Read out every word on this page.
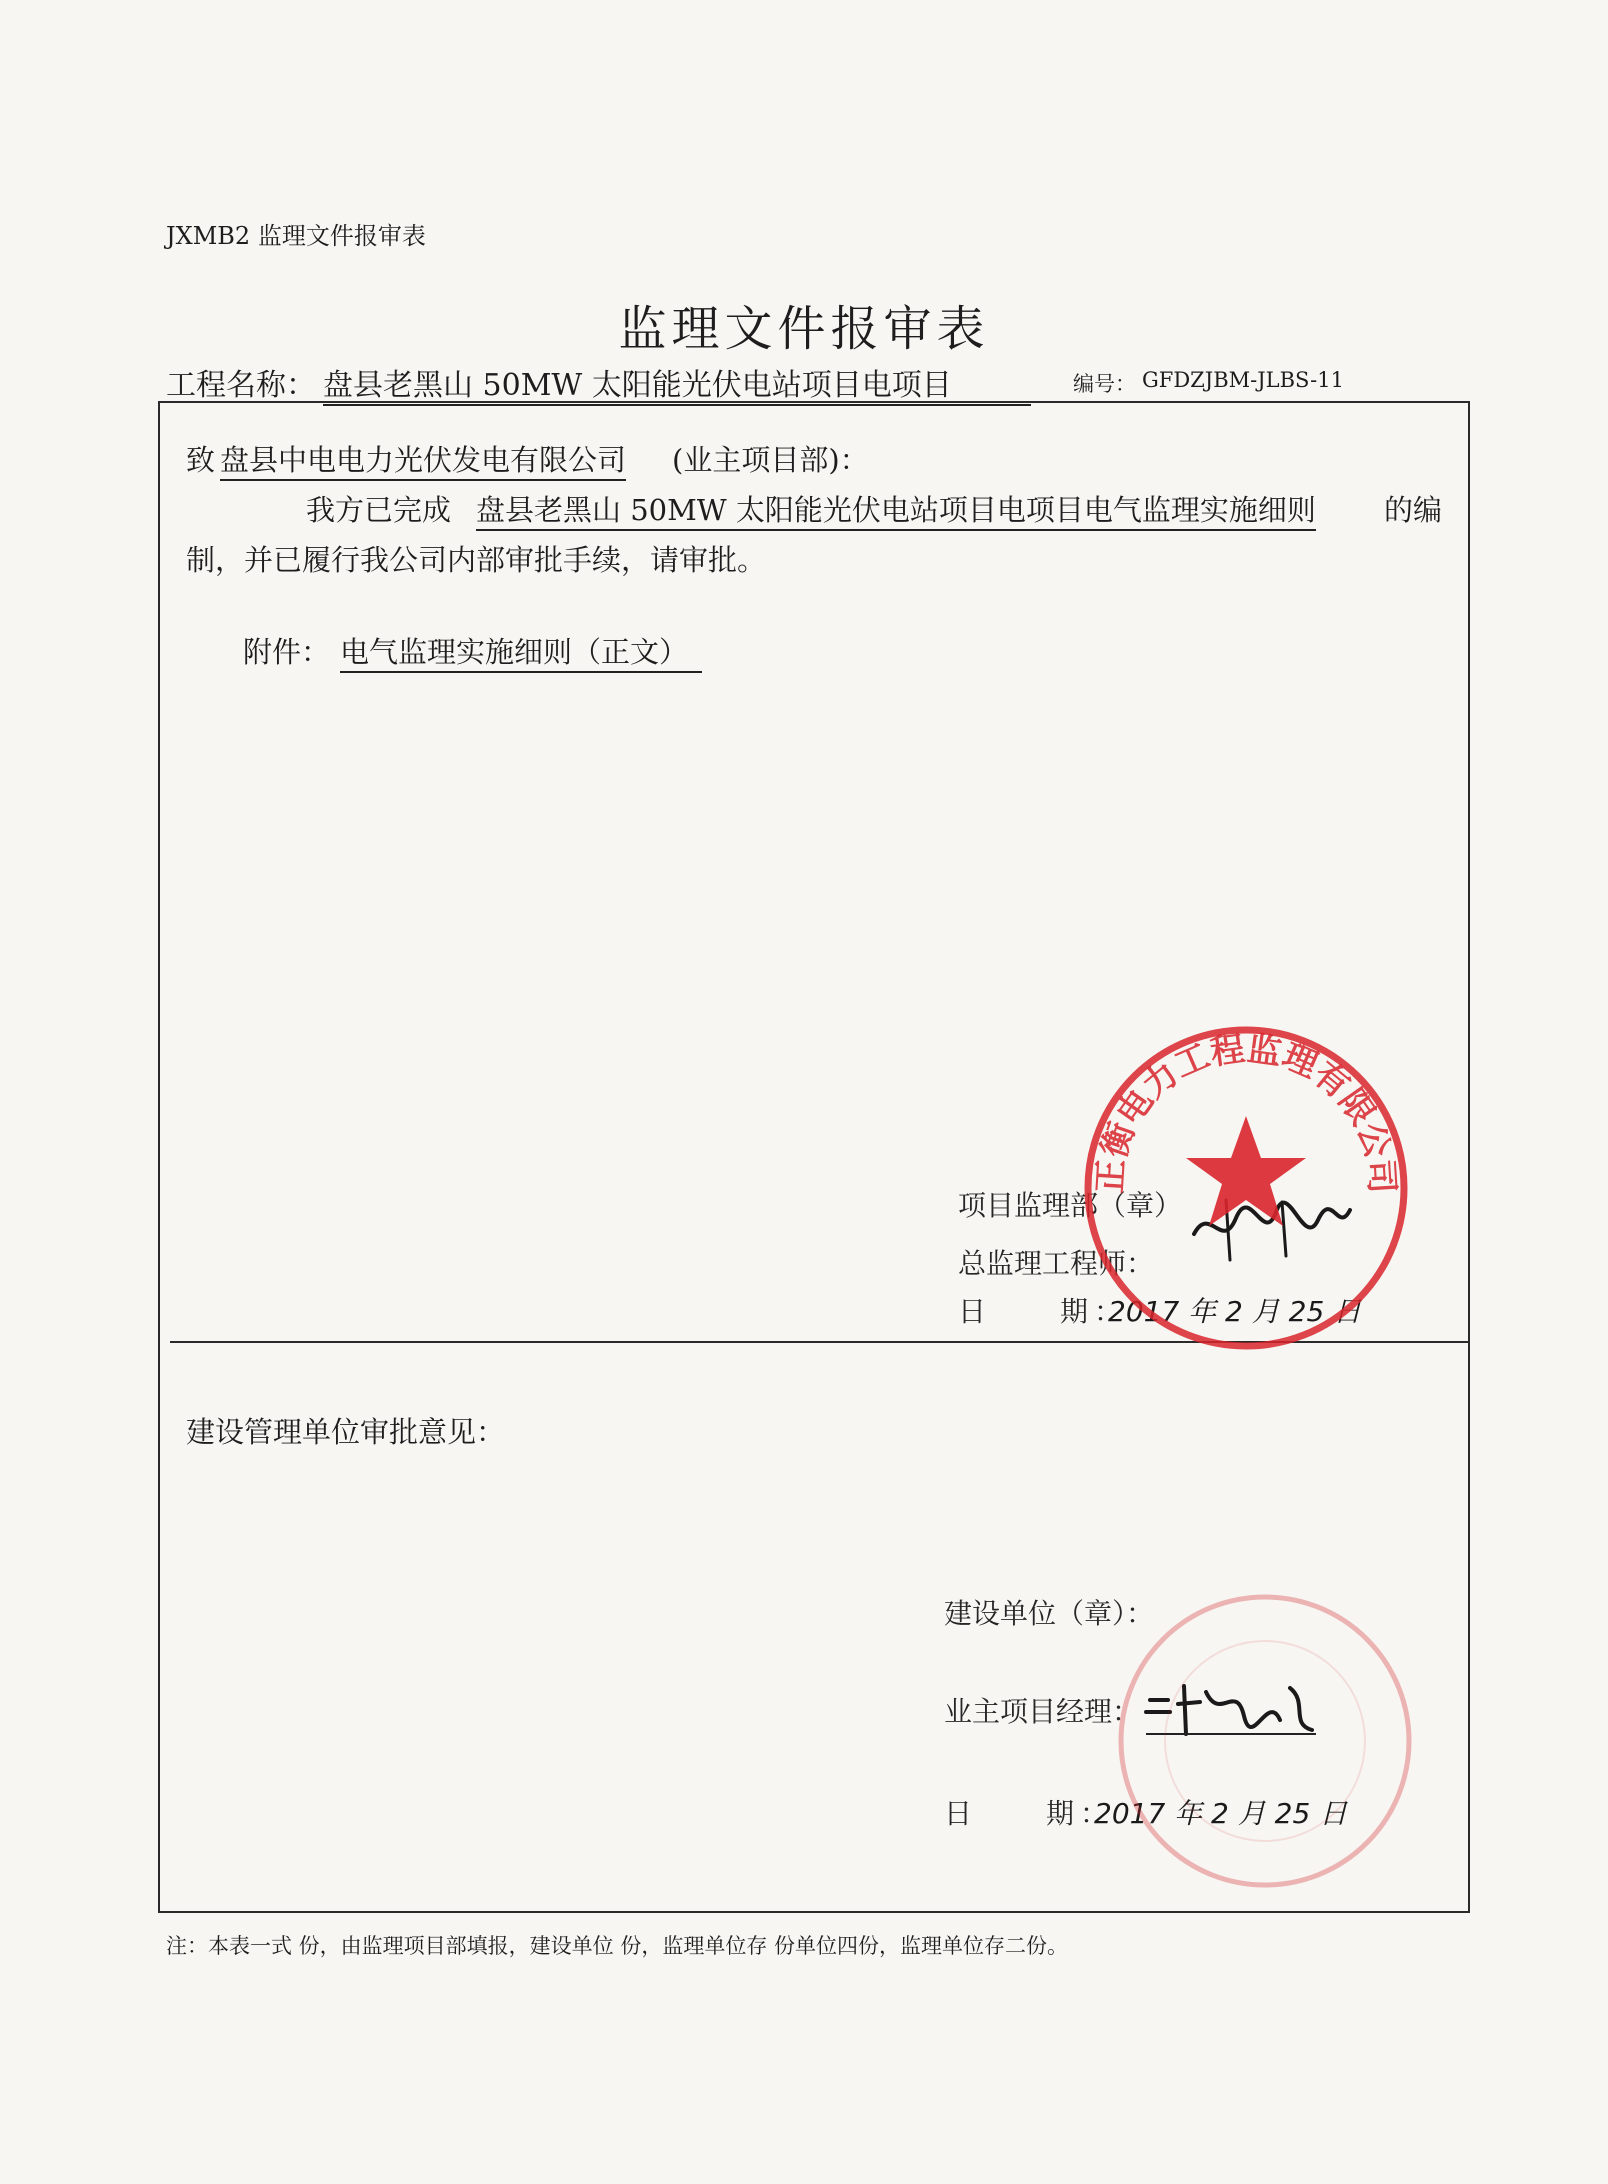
JXMB2 监理文件报审表
监理文件报审表
工程名称： 盘县老黑山 50MW 太阳能光伏电站项目电项目	编号： GFDZJBM-JLBS-11
致 盘县中电电力光伏发电有限公司 (业主项目部)：
我方已完成 盘县老黑山 50MW 太阳能光伏电站项目电项目电气监理实施细则 的编
制，并已履行我公司内部审批手续，请审批。
附件： 电气监理实施细则（正文）
项目监理部（章）
总监理工程师：
日　　期：
2017 年 2 月 25 日
正衡电力工程监理有限公司
建设管理单位审批意见：
建设单位（章）：
业主项目经理：
日　　期：
2017 年 2 月 25 日
注：本表一式 份，由监理项目部填报，建设单位 份，监理单位存 份单位四份，监理单位存二份。
